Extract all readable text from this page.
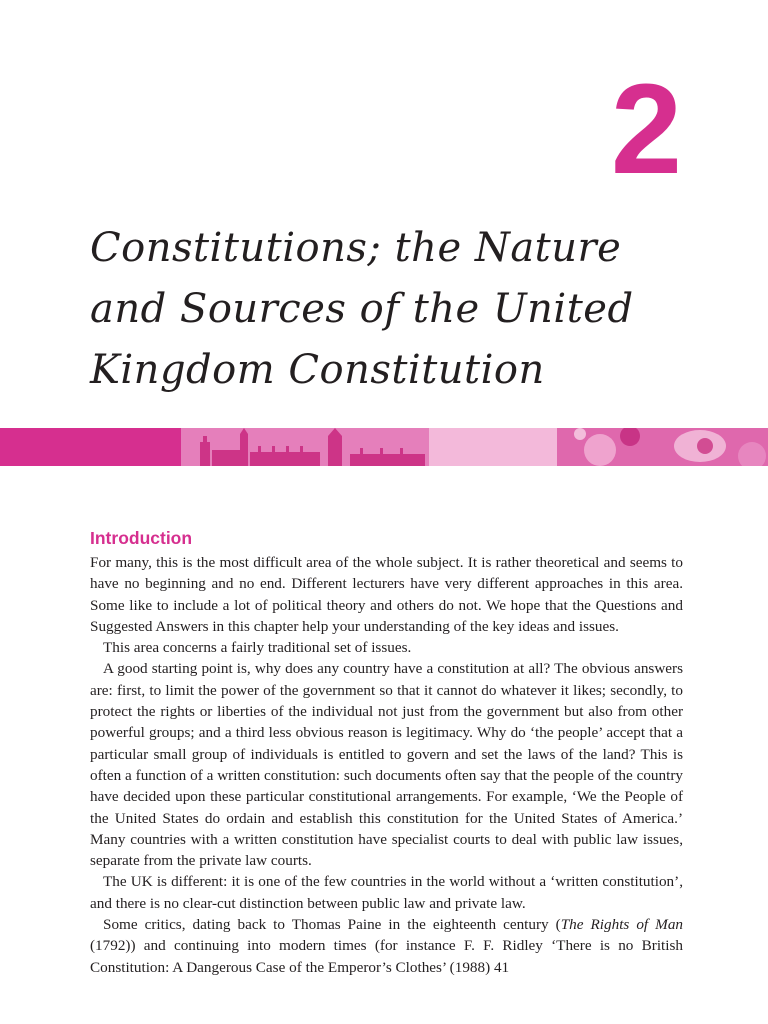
2
Constitutions; the Nature and Sources of the United Kingdom Constitution
Introduction

For many, this is the most difficult area of the whole subject. It is rather theoretical and seems to have no beginning and no end. Different lecturers have very different approaches in this area. Some like to include a lot of political theory and others do not. We hope that the Questions and Suggested Answers in this chapter help your understanding of the key ideas and issues.

This area concerns a fairly traditional set of issues.

A good starting point is, why does any country have a constitution at all? The obvious answers are: first, to limit the power of the government so that it cannot do whatever it likes; secondly, to protect the rights or liberties of the individual not just from the government but also from other powerful groups; and a third less obvious reason is legitimacy. Why do ‘the people’ accept that a particular small group of individuals is entitled to govern and set the laws of the land? This is often a function of a written constitution: such documents often say that the people of the country have decided upon these particular constitutional arrangements. For example, ‘We the People of the United States do ordain and establish this constitution for the United States of America.’ Many countries with a written constitution have specialist courts to deal with public law issues, separate from the private law courts.

The UK is different: it is one of the few countries in the world without a ‘written constitution’, and there is no clear-cut distinction between public law and private law.

Some critics, dating back to Thomas Paine in the eighteenth century (The Rights of Man (1792)) and continuing into modern times (for instance F. F. Ridley ‘There is no British Constitution: A Dangerous Case of the Emperor’s Clothes’ (1988) 41
